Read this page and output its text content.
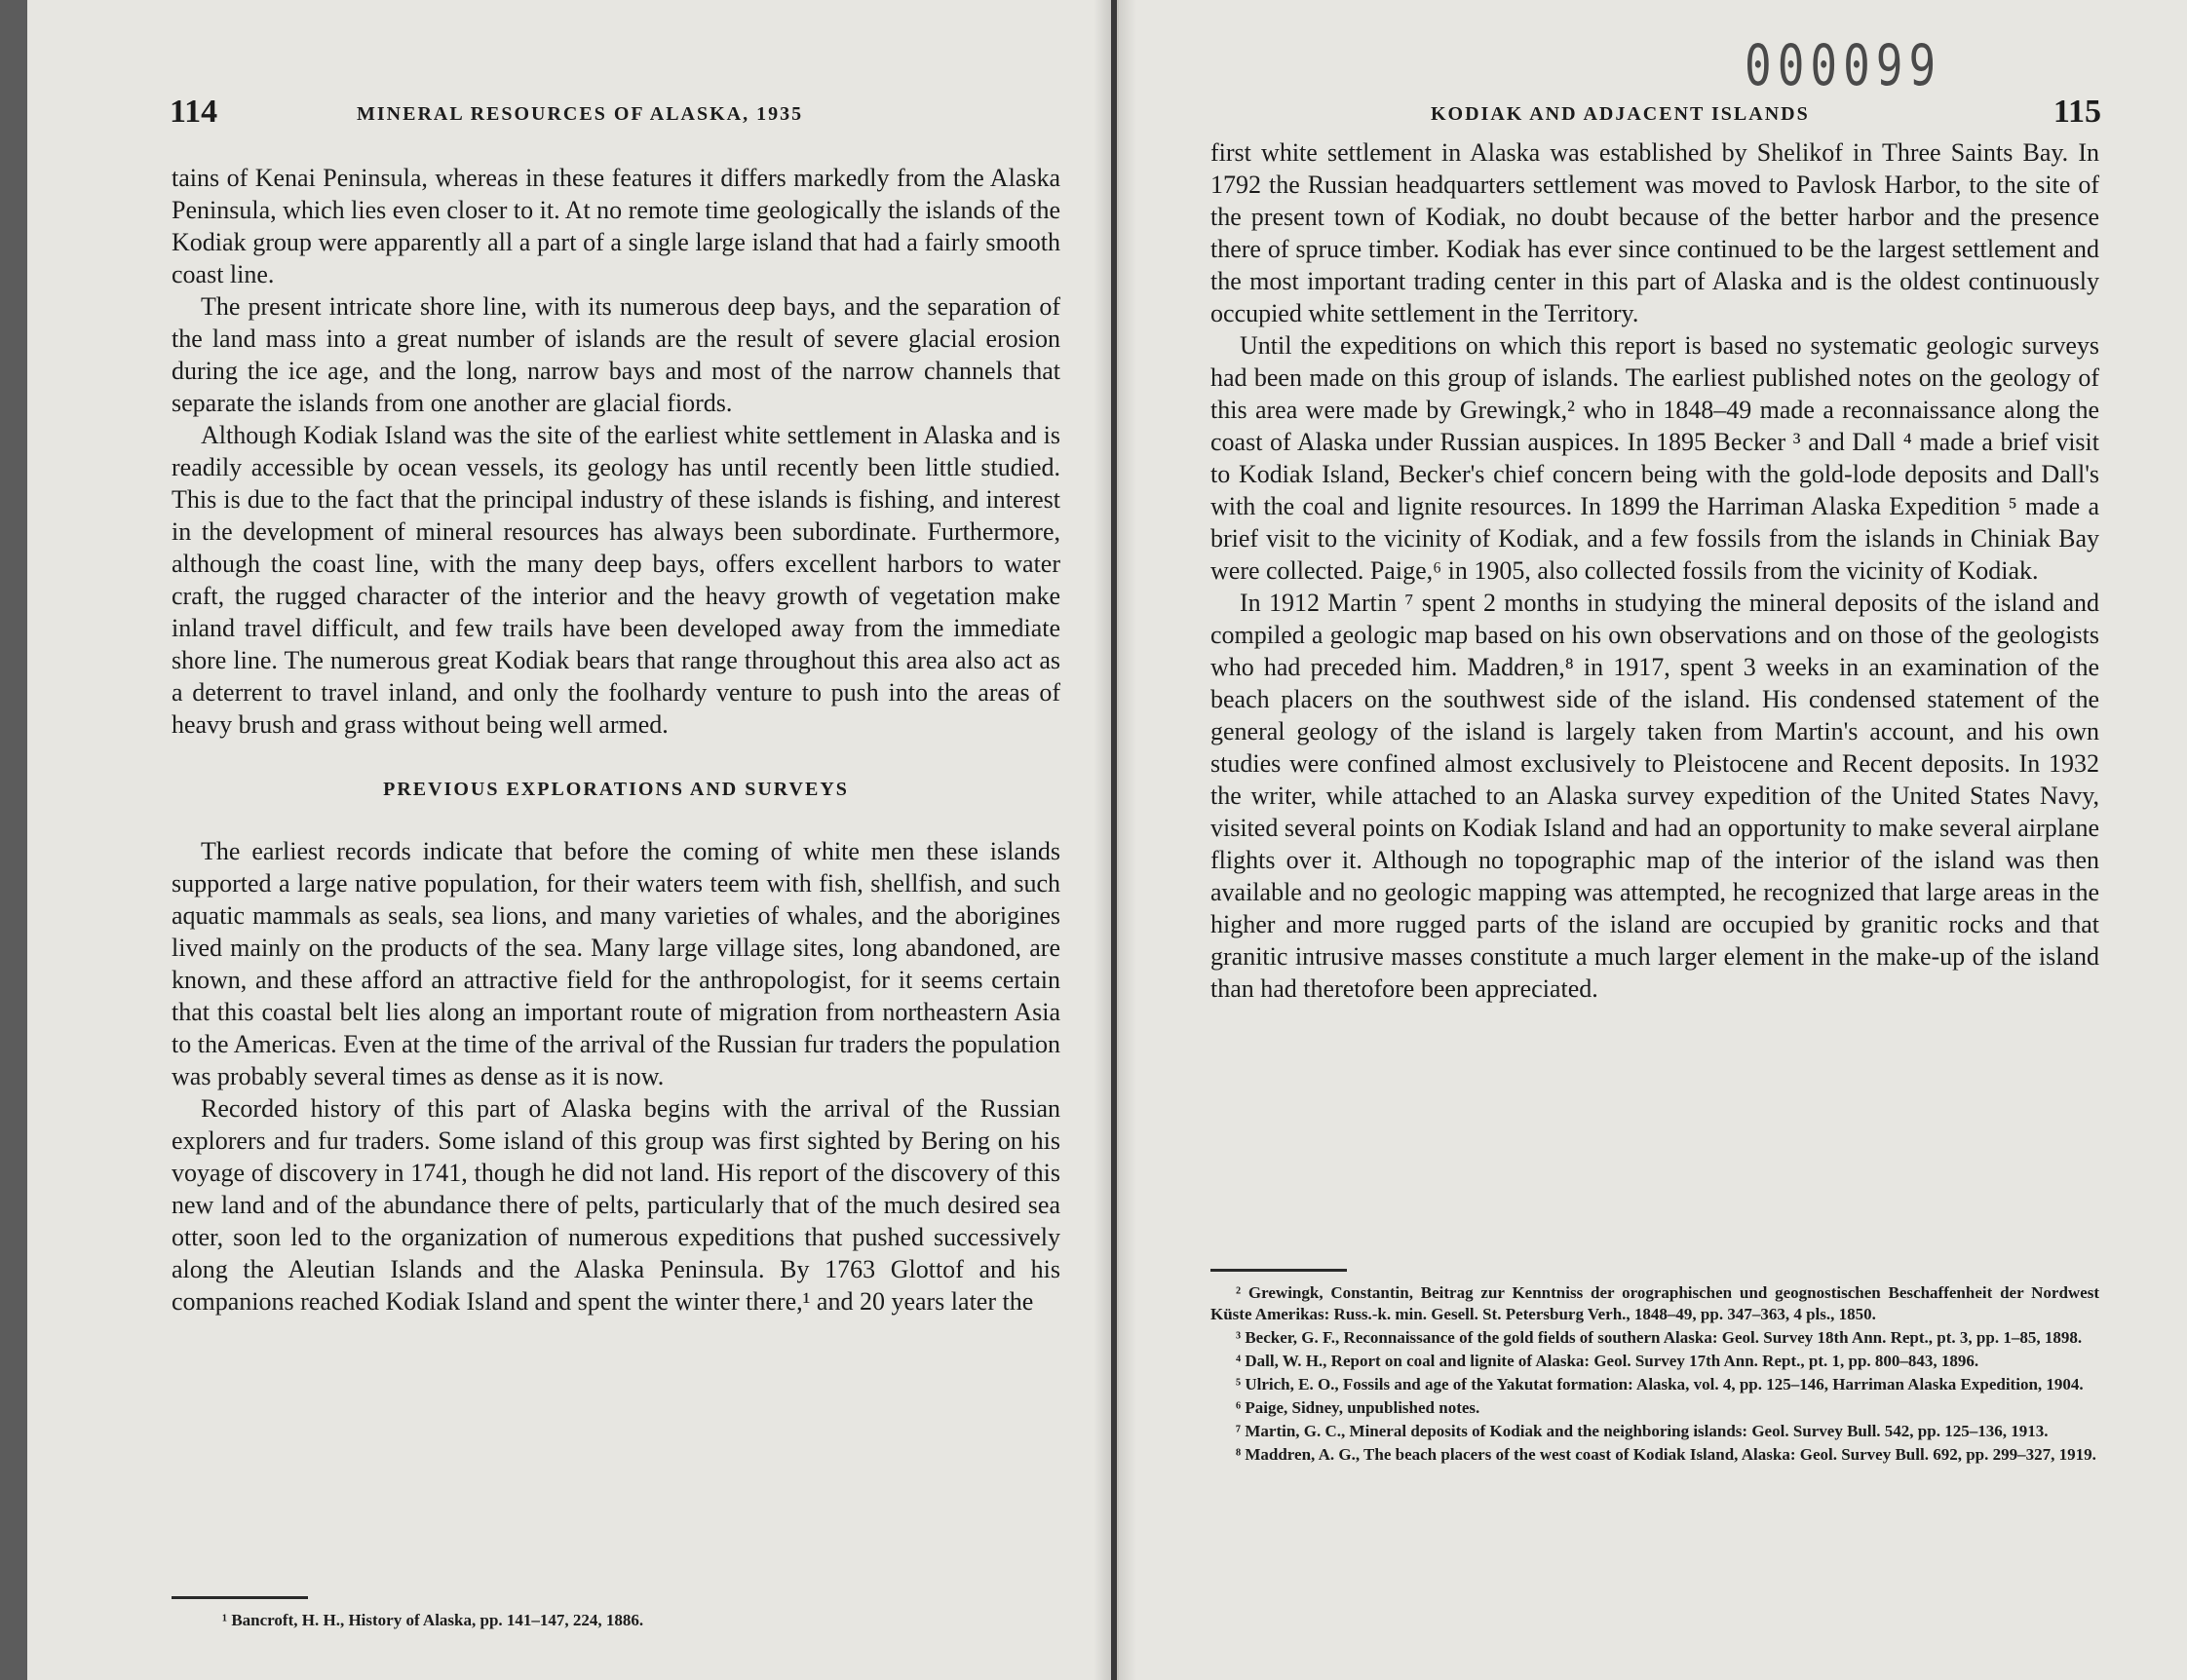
114	MINERAL RESOURCES OF ALASKA, 1935

tains of Kenai Peninsula, whereas in these features it differs markedly from the Alaska Peninsula, which lies even closer to it. At no remote time geologically the islands of the Kodiak group were apparently all a part of a single large island that had a fairly smooth coast line.

The present intricate shore line, with its numerous deep bays, and the separation of the land mass into a great number of islands are the result of severe glacial erosion during the ice age, and the long, narrow bays and most of the narrow channels that separate the islands from one another are glacial fiords.

Although Kodiak Island was the site of the earliest white settlement in Alaska and is readily accessible by ocean vessels, its geology has until recently been little studied. This is due to the fact that the principal industry of these islands is fishing, and interest in the development of mineral resources has always been subordinate. Furthermore, although the coast line, with the many deep bays, offers excellent harbors to water craft, the rugged character of the interior and the heavy growth of vegetation make inland travel difficult, and few trails have been developed away from the immediate shore line. The numerous great Kodiak bears that range throughout this area also act as a deterrent to travel inland, and only the foolhardy venture to push into the areas of heavy brush and grass without being well armed.

PREVIOUS EXPLORATIONS AND SURVEYS

The earliest records indicate that before the coming of white men these islands supported a large native population, for their waters teem with fish, shellfish, and such aquatic mammals as seals, sea lions, and many varieties of whales, and the aborigines lived mainly on the products of the sea. Many large village sites, long abandoned, are known, and these afford an attractive field for the anthropologist, for it seems certain that this coastal belt lies along an important route of migration from northeastern Asia to the Americas. Even at the time of the arrival of the Russian fur traders the population was probably several times as dense as it is now.

Recorded history of this part of Alaska begins with the arrival of the Russian explorers and fur traders. Some island of this group was first sighted by Bering on his voyage of discovery in 1741, though he did not land. His report of the discovery of this new land and of the abundance there of pelts, particularly that of the much desired sea otter, soon led to the organization of numerous expeditions that pushed successively along the Aleutian Islands and the Alaska Peninsula. By 1763 Glottof and his companions reached Kodiak Island and spent the winter there,¹ and 20 years later the

¹ Bancroft, H. H., History of Alaska, pp. 141–147, 224, 1886.

000099
KODIAK AND ADJACENT ISLANDS	115

first white settlement in Alaska was established by Shelikof in Three Saints Bay. In 1792 the Russian headquarters settlement was moved to Pavlosk Harbor, to the site of the present town of Kodiak, no doubt because of the better harbor and the presence there of spruce timber. Kodiak has ever since continued to be the largest settlement and the most important trading center in this part of Alaska and is the oldest continuously occupied white settlement in the Territory.

Until the expeditions on which this report is based no systematic geologic surveys had been made on this group of islands. The earliest published notes on the geology of this area were made by Grewingk,² who in 1848–49 made a reconnaissance along the coast of Alaska under Russian auspices. In 1895 Becker ³ and Dall ⁴ made a brief visit to Kodiak Island, Becker's chief concern being with the gold-lode deposits and Dall's with the coal and lignite resources. In 1899 the Harriman Alaska Expedition ⁵ made a brief visit to the vicinity of Kodiak, and a few fossils from the islands in Chiniak Bay were collected. Paige,⁶ in 1905, also collected fossils from the vicinity of Kodiak.

In 1912 Martin ⁷ spent 2 months in studying the mineral deposits of the island and compiled a geologic map based on his own observations and on those of the geologists who had preceded him. Maddren,⁸ in 1917, spent 3 weeks in an examination of the beach placers on the southwest side of the island. His condensed statement of the general geology of the island is largely taken from Martin's account, and his own studies were confined almost exclusively to Pleistocene and Recent deposits. In 1932 the writer, while attached to an Alaska survey expedition of the United States Navy, visited several points on Kodiak Island and had an opportunity to make several airplane flights over it. Although no topographic map of the interior of the island was then available and no geologic mapping was attempted, he recognized that large areas in the higher and more rugged parts of the island are occupied by granitic rocks and that granitic intrusive masses constitute a much larger element in the make-up of the island than had theretofore been appreciated.

² Grewingk, Constantin, Beitrag zur Kenntniss der orographischen und geognostischen Beschaffenheit der Nordwest Küste Amerikas: Russ.-k. min. Gesell. St. Petersburg Verh., 1848–49, pp. 347–363, 4 pls., 1850.

³ Becker, G. F., Reconnaissance of the gold fields of southern Alaska: Geol. Survey 18th Ann. Rept., pt. 3, pp. 1–85, 1898.

⁴ Dall, W. H., Report on coal and lignite of Alaska: Geol. Survey 17th Ann. Rept., pt. 1, pp. 800–843, 1896.

⁵ Ulrich, E. O., Fossils and age of the Yakutat formation: Alaska, vol. 4, pp. 125–146, Harriman Alaska Expedition, 1904.

⁶ Paige, Sidney, unpublished notes.

⁷ Martin, G. C., Mineral deposits of Kodiak and the neighboring islands: Geol. Survey Bull. 542, pp. 125–136, 1913.

⁸ Maddren, A. G., The beach placers of the west coast of Kodiak Island, Alaska: Geol. Survey Bull. 692, pp. 299–327, 1919.
